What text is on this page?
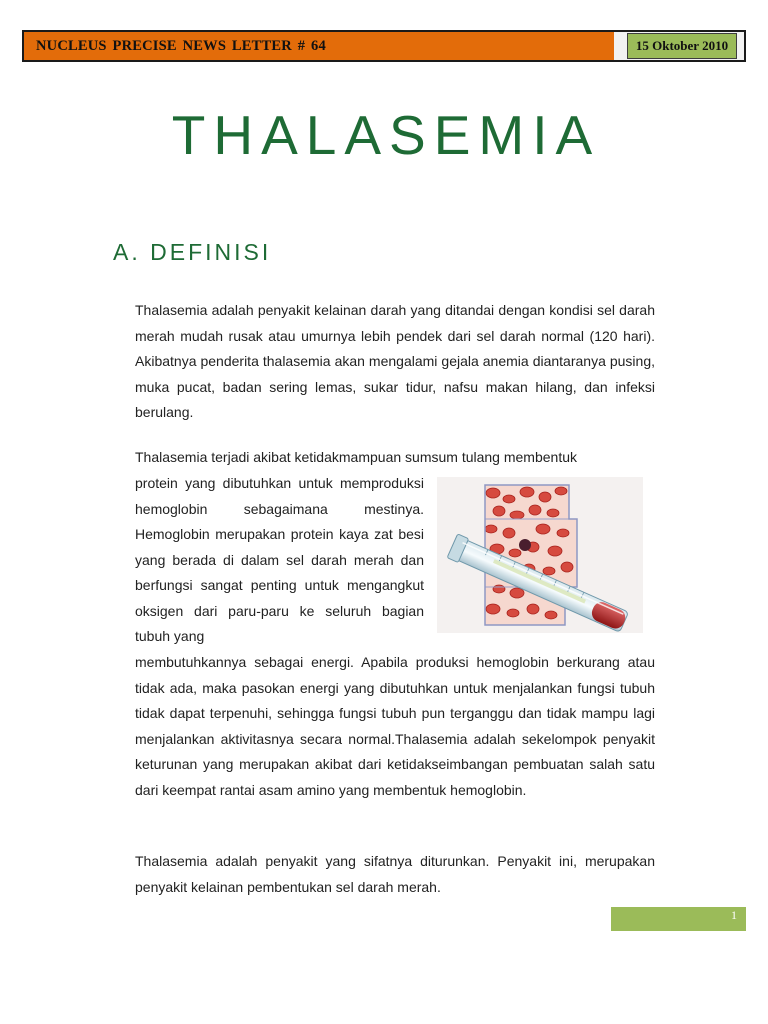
NUCLEUS PRECISE NEWS LETTER # 64	15 Oktober 2010
THALASEMIA
A. DEFINISI

Thalasemia adalah penyakit kelainan darah yang ditandai dengan kondisi sel darah merah mudah rusak atau umurnya lebih pendek dari sel darah normal (120 hari). Akibatnya penderita thalasemia akan mengalami gejala anemia diantaranya pusing, muka pucat, badan sering lemas, sukar tidur, nafsu makan hilang, dan infeksi berulang.

Thalasemia terjadi akibat ketidakmampuan sumsum tulang membentuk

protein yang dibutuhkan untuk memproduksi hemoglobin sebagaimana mestinya. Hemoglobin merupakan protein kaya zat besi yang berada di dalam sel darah merah dan berfungsi sangat penting untuk mengangkut oksigen dari paru-paru ke seluruh bagian tubuh yang

membutuhkannya sebagai energi. Apabila produksi hemoglobin berkurang atau tidak ada, maka pasokan energi yang dibutuhkan untuk menjalankan fungsi tubuh tidak dapat terpenuhi, sehingga fungsi tubuh pun terganggu dan tidak mampu lagi menjalankan aktivitasnya secara normal.Thalasemia adalah sekelompok penyakit keturunan yang merupakan akibat dari ketidakseimbangan pembuatan salah satu dari keempat rantai asam amino yang membentuk hemoglobin.

Thalasemia adalah penyakit yang sifatnya diturunkan. Penyakit ini, merupakan penyakit kelainan pembentukan sel darah merah.

1
